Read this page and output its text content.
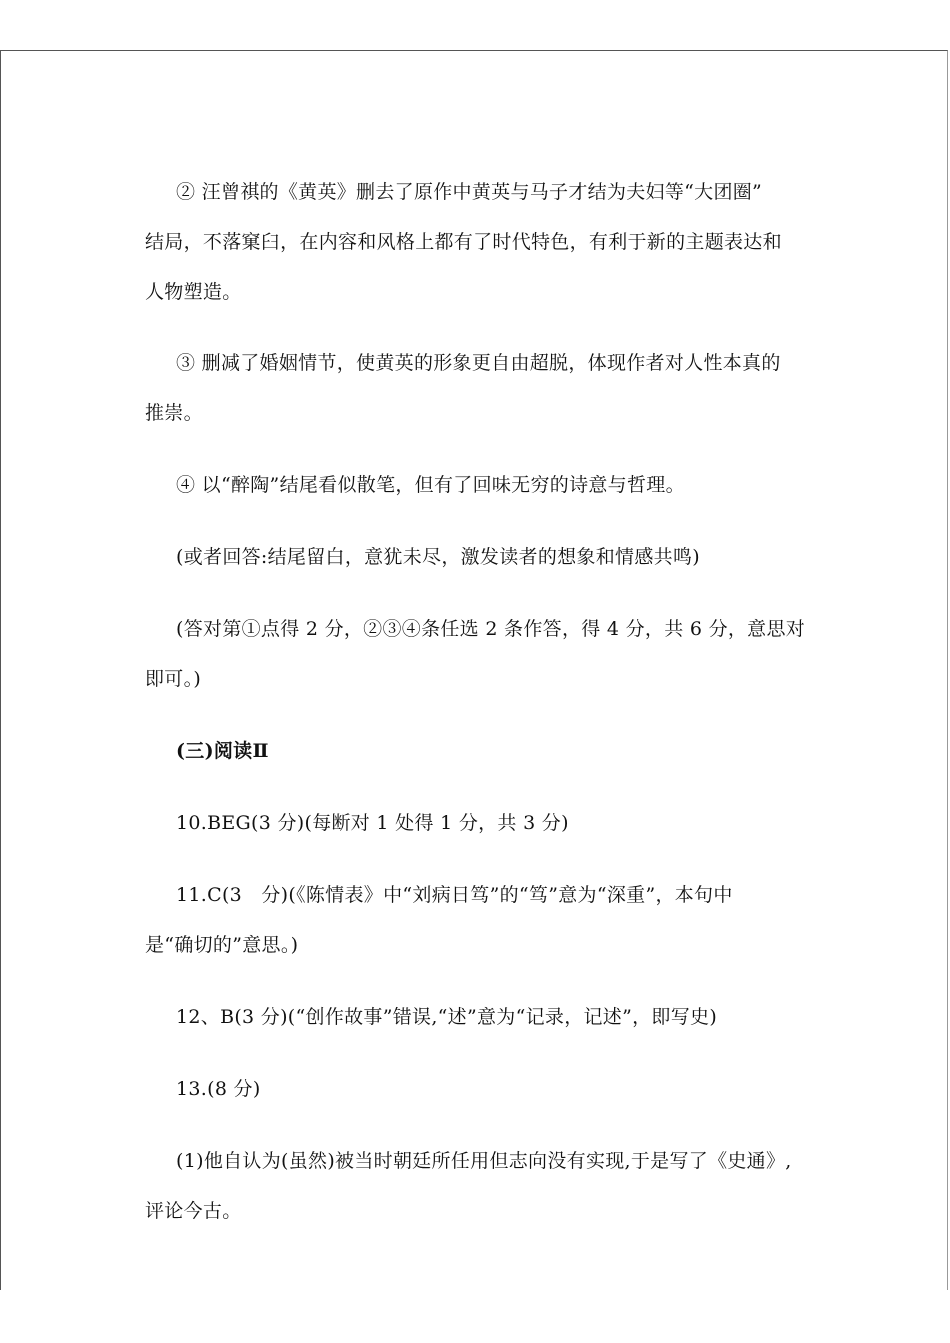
② 汪曾祺的《黄英》删去了原作中黄英与马子才结为夫妇等“大团圈”
结局，不落窠臼，在内容和风格上都有了时代特色，有利于新的主题表达和
人物塑造。
③ 删减了婚姻情节，使黄英的形象更自由超脱，体现作者对人性本真的
推崇。
④ 以“醉陶”结尾看似散笔，但有了回味无穷的诗意与哲理。
(或者回答:结尾留白，意犹未尽，激发读者的想象和情感共鸣)
(答对第①点得 2 分，②③④条任选 2 条作答，得 4 分，共 6 分，意思对
即可。)
(三)阅读Ⅱ
10.BEG(3 分)(每断对 1 处得 1 分，共 3 分)
11.C(3　分)(《陈情表》中“刘病日笃”的“笃”意为“深重”，本句中
是“确切的”意思。)
12、B(3 分)(“创作故事”错误,“述”意为“记录，记述”，即写史)
13.(8 分)
(1)他自认为(虽然)被当时朝廷所任用但志向没有实现,于是写了《史通》,
评论今古。
